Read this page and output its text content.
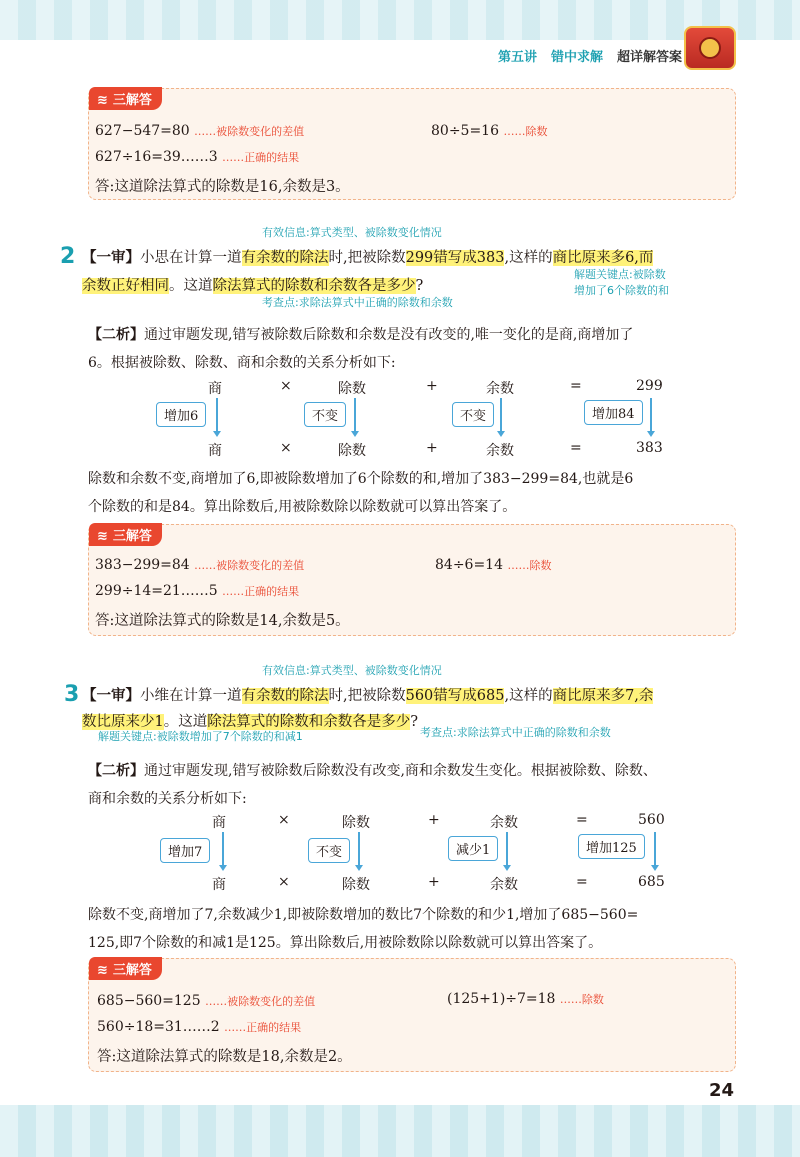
第五讲 错中求解 超详解答案
≋ 三解答
627−547=80 ……被除数变化的差值	80÷5=16 ……除数
627÷16=39……3 ……正确的结果
答:这道除法算式的除数是16,余数是3。
有效信息:算式类型、被除数变化情况
2 【一审】小思在计算一道有余数的除法时,把被除数299错写成383,这样的商比原来多6,而
余数正好相同。这道除法算式的除数和余数各是多少?
解题关键点:被除数
增加了6个除数的和
考查点:求除法算式中正确的除数和余数
【二析】通过审题发现,错写被除数后除数和余数是没有改变的,唯一变化的是商,商增加了
6。根据被除数、除数、商和余数的关系分析如下:
商	×	除数	+	余数	=	299
增加6	不变	不变	增加84
商	×	除数	+	余数	=	383
除数和余数不变,商增加了6,即被除数增加了6个除数的和,增加了383−299=84,也就是6
个除数的和是84。算出除数后,用被除数除以除数就可以算出答案了。
≋ 三解答
383−299=84 ……被除数变化的差值	84÷6=14 ……除数
299÷14=21……5 ……正确的结果
答:这道除法算式的除数是14,余数是5。
有效信息:算式类型、被除数变化情况
3 【一审】小维在计算一道有余数的除法时,把被除数560错写成685,这样的商比原来多7,余
数比原来少1。这道除法算式的除数和余数各是多少?
解题关键点:被除数增加了7个除数的和减1	考查点:求除法算式中正确的除数和余数
【二析】通过审题发现,错写被除数后除数没有改变,商和余数发生变化。根据被除数、除数、
商和余数的关系分析如下:
商	×	除数	+	余数	=	560
增加7	不变	减少1	增加125
商	×	除数	+	余数	=	685
除数不变,商增加了7,余数减少1,即被除数增加的数比7个除数的和少1,增加了685−560=
125,即7个除数的和减1是125。算出除数后,用被除数除以除数就可以算出答案了。
≋ 三解答
685−560=125 ……被除数变化的差值	(125+1)÷7=18 ……除数
560÷18=31……2 ……正确的结果
答:这道除法算式的除数是18,余数是2。
24
